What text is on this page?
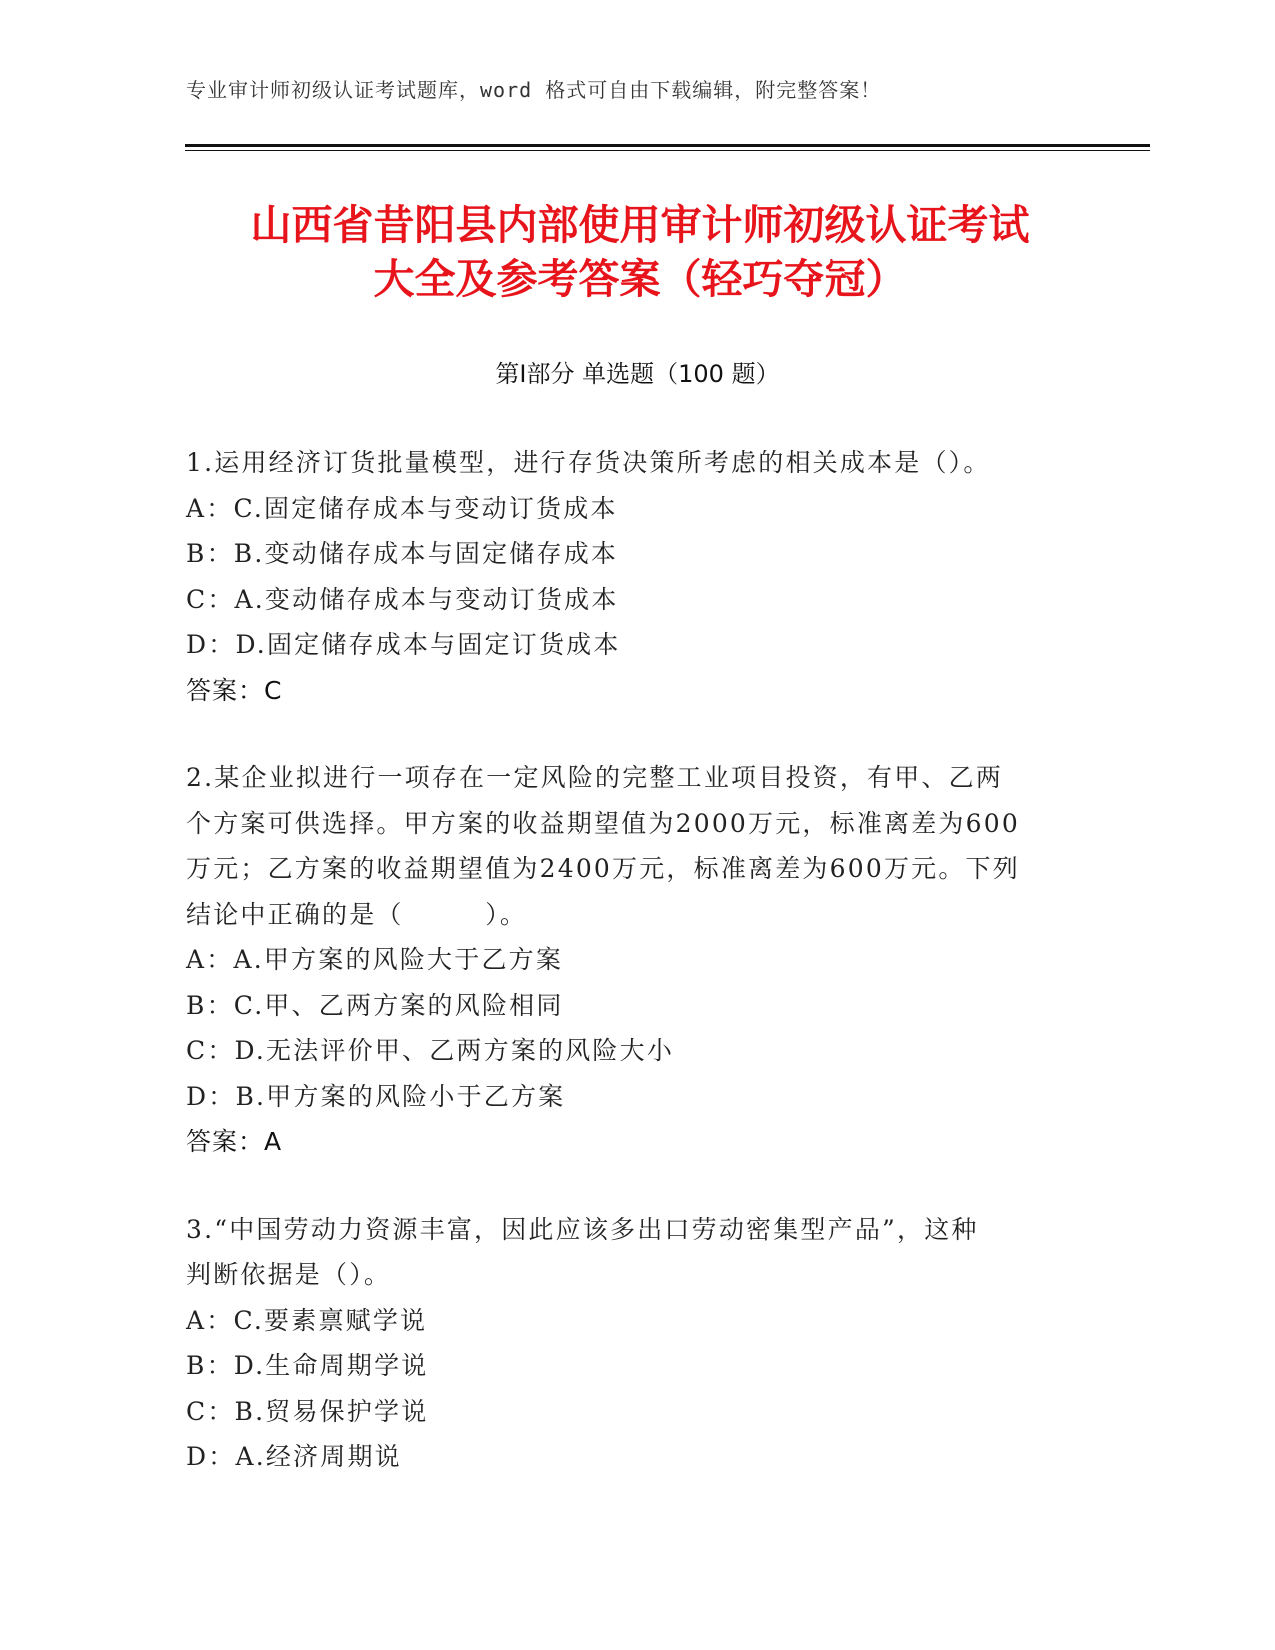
专业审计师初级认证考试题库，word 格式可自由下载编辑，附完整答案！
山西省昔阳县内部使用审计师初级认证考试
大全及参考答案（轻巧夺冠）
第Ⅰ部分 单选题（100 题）
1.运用经济订货批量模型，进行存货决策所考虑的相关成本是（）。
A：C.固定储存成本与变动订货成本
B：B.变动储存成本与固定储存成本
C：A.变动储存成本与变动订货成本
D：D.固定储存成本与固定订货成本
答案：C
2.某企业拟进行一项存在一定风险的完整工业项目投资，有甲、乙两
个方案可供选择。甲方案的收益期望值为2000万元，标准离差为600
万元；乙方案的收益期望值为2400万元，标准离差为600万元。下列
结论中正确的是（　　　）。
A：A.甲方案的风险大于乙方案
B：C.甲、乙两方案的风险相同
C：D.无法评价甲、乙两方案的风险大小
D：B.甲方案的风险小于乙方案
答案：A
3.“中国劳动力资源丰富，因此应该多出口劳动密集型产品”，这种
判断依据是（）。
A：C.要素禀赋学说
B：D.生命周期学说
C：B.贸易保护学说
D：A.经济周期说
